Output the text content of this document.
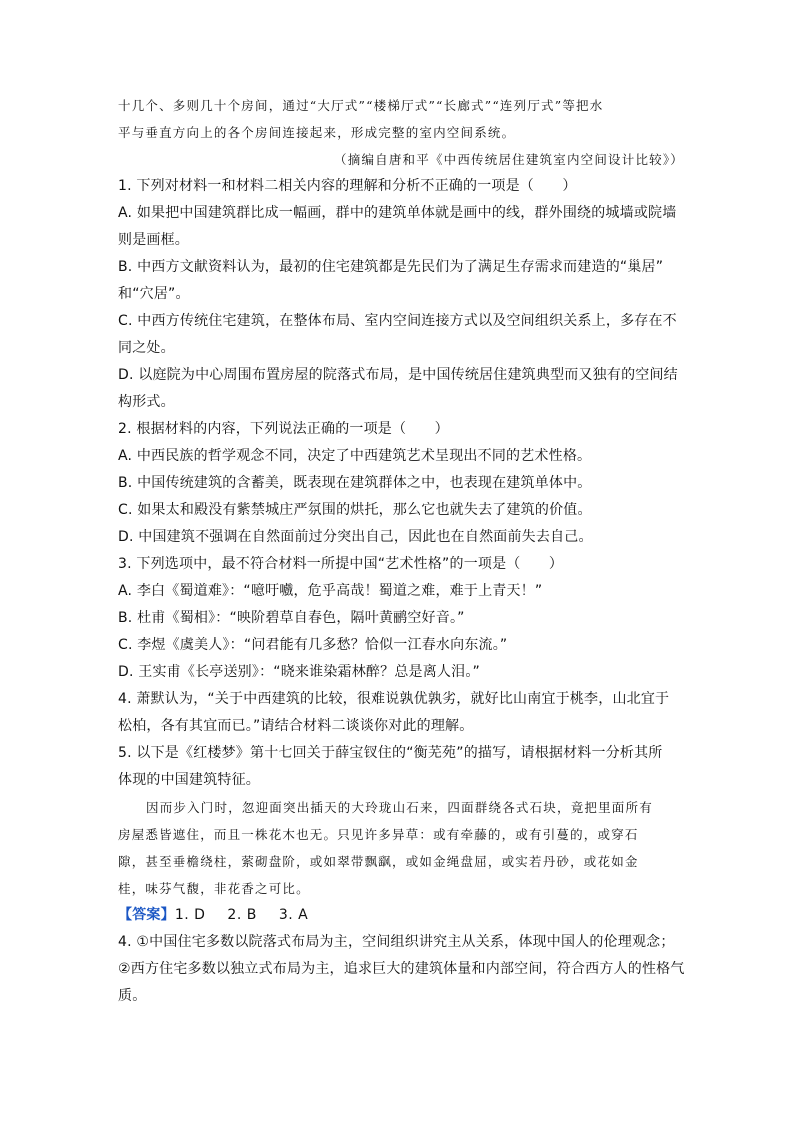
十几个、多则几十个房间，通过“大厅式”“楼梯厅式”“长廊式”“连列厅式”等把水
平与垂直方向上的各个房间连接起来，形成完整的室内空间系统。
（摘编自唐和平《中西传统居住建筑室内空间设计比较》）
1. 下列对材料一和材料二相关内容的理解和分析不正确的一项是（　　）
A. 如果把中国建筑群比成一幅画，群中的建筑单体就是画中的线，群外围绕的城墙或院墙
则是画框。
B. 中西方文献资料认为，最初的住宅建筑都是先民们为了满足生存需求而建造的“巢居”
和“穴居”。
C. 中西方传统住宅建筑，在整体布局、室内空间连接方式以及空间组织关系上，多存在不
同之处。
D. 以庭院为中心周围布置房屋的院落式布局，是中国传统居住建筑典型而又独有的空间结
构形式。
2. 根据材料的内容，下列说法正确的一项是（　　）
A. 中西民族的哲学观念不同，决定了中西建筑艺术呈现出不同的艺术性格。
B. 中国传统建筑的含蓄美，既表现在建筑群体之中，也表现在建筑单体中。
C. 如果太和殿没有紫禁城庄严氛围的烘托，那么它也就失去了建筑的价值。
D. 中国建筑不强调在自然面前过分突出自己，因此也在自然面前失去自己。
3. 下列选项中，最不符合材料一所提中国“艺术性格”的一项是（　　）
A. 李白《蜀道难》：“噫吁嚱，危乎高哉！蜀道之难，难于上青天！”
B. 杜甫《蜀相》：“映阶碧草自春色，隔叶黄鹂空好音。”
C. 李煜《虞美人》：“问君能有几多愁？恰似一江春水向东流。”
D. 王实甫《长亭送别》：“晓来谁染霜林醉？总是离人泪。”
4. 萧默认为，“关于中西建筑的比较，很难说孰优孰劣，就好比山南宜于桃李，山北宜于
松柏，各有其宜而已。”请结合材料二谈谈你对此的理解。
5. 以下是《红楼梦》第十七回关于薛宝钗住的“衡芜苑”的描写，请根据材料一分析其所
体现的中国建筑特征。
因而步入门时，忽迎面突出插天的大玲珑山石来，四面群绕各式石块，竟把里面所有
房屋悉皆遮住，而且一株花木也无。只见许多异草：或有牵藤的，或有引蔓的，或穿石
隙，甚至垂檐绕柱，萦砌盘阶，或如翠带飘飖，或如金绳盘屈，或实若丹砂，或花如金
桂，味芬气馥，非花香之可比。
【答案】1. D 2. B 3. A
4. ①中国住宅多数以院落式布局为主，空间组织讲究主从关系，体现中国人的伦理观念；
②西方住宅多数以独立式布局为主，追求巨大的建筑体量和内部空间，符合西方人的性格气
质。
